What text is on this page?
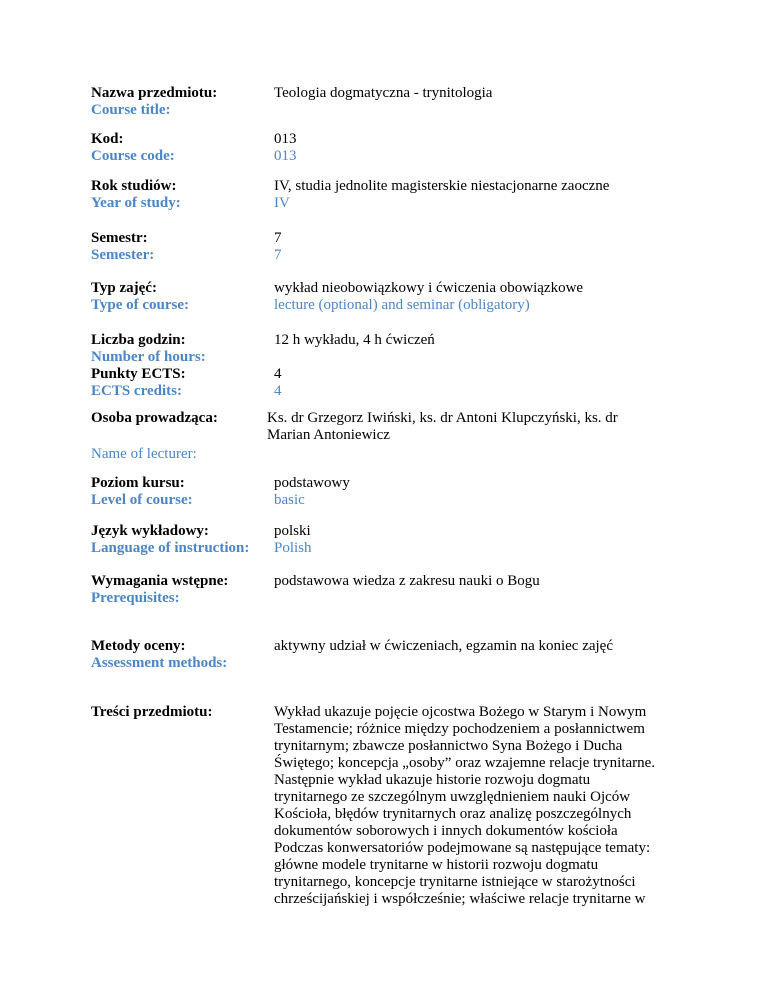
Nazwa przedmiotu:
Course title:
Teologia dogmatyczna - trynitologia
Kod:
Course code:
013
013
Rok studiów:
Year of study:
IV, studia jednolite magisterskie niestacjonarne zaoczne
IV
Semestr:
Semester:
7
7
Typ zajęć:
Type of course:
wykład nieobowiązkowy i ćwiczenia obowiązkowe
lecture (optional) and seminar (obligatory)
Liczba godzin:
Number of hours:
12 h wykładu, 4 h ćwiczeń
Punkty ECTS:
ECTS credits:
4
4
Osoba prowadząca:
Name of lecturer:
Ks. dr Grzegorz Iwiński, ks. dr Antoni Klupczyński, ks. dr
Marian Antoniewicz
Poziom kursu:
Level of course:
podstawowy
basic
Język wykładowy:
Language of instruction:
polski
Polish
Wymagania wstępne:
Prerequisites:
podstawowa wiedza z zakresu nauki o Bogu
Metody oceny:
Assessment methods:
aktywny udział w ćwiczeniach, egzamin na koniec zajęć
Treści przedmiotu:	Wykład ukazuje pojęcie ojcostwa Bożego w Starym i Nowym
Testamencie; różnice między pochodzeniem a posłannictwem
trynitarnym; zbawcze posłannictwo Syna Bożego i Ducha
Świętego; koncepcja „osoby” oraz wzajemne relacje trynitarne.
Następnie wykład ukazuje historie rozwoju dogmatu
trynitarnego ze szczególnym uwzględnieniem nauki Ojców
Kościoła, błędów trynitarnych oraz analizę poszczególnych
dokumentów soborowych i innych dokumentów kościoła
Podczas konwersatoriów podejmowane są następujące tematy:
główne modele trynitarne w historii rozwoju dogmatu
trynitarnego, koncepcje trynitarne istniejące w starożytności
chrześcijańskiej i współcześnie; właściwe relacje trynitarne w
